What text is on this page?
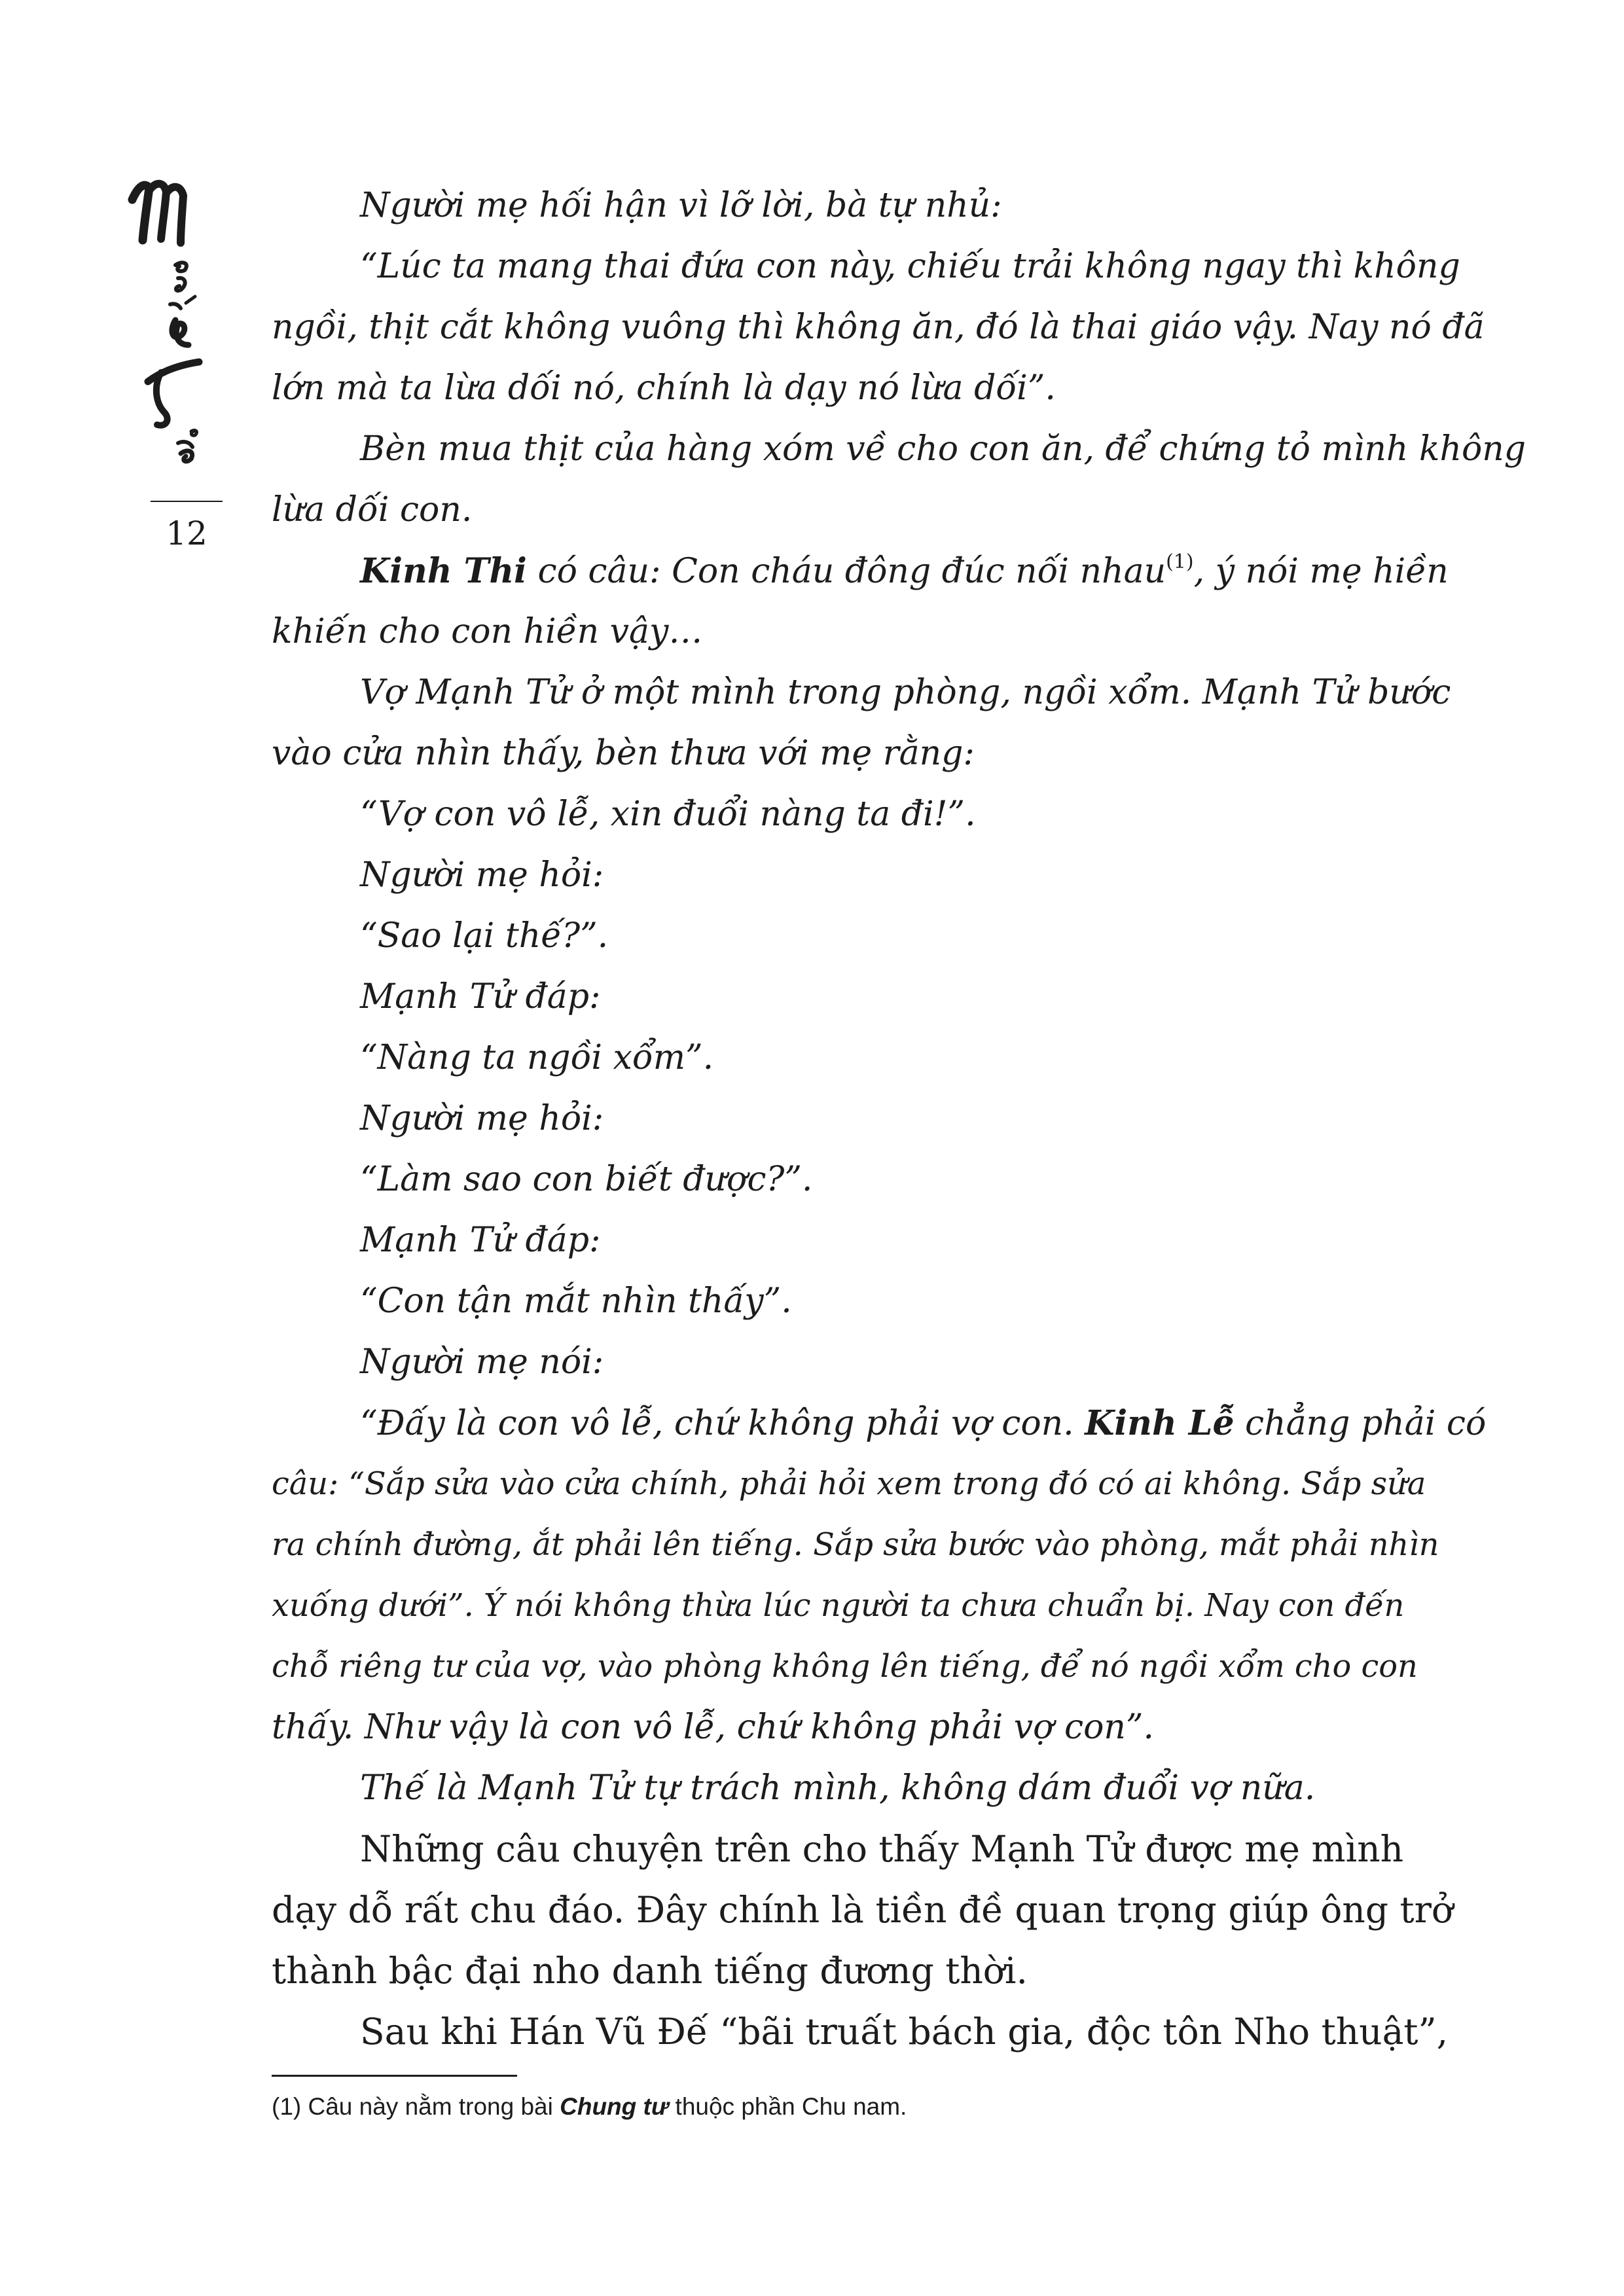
12
Người mẹ hối hận vì lỡ lời, bà tự nhủ:
“Lúc ta mang thai đứa con này, chiếu trải không ngay thì không
ngồi, thịt cắt không vuông thì không ăn, đó là thai giáo vậy. Nay nó đã
lớn mà ta lừa dối nó, chính là dạy nó lừa dối”.
Bèn mua thịt của hàng xóm về cho con ăn, để chứng tỏ mình không
lừa dối con.
Kinh Thi có câu: Con cháu đông đúc nối nhau$^{(1)}$, ý nói mẹ hiền
khiến cho con hiền vậy…
Vợ Mạnh Tử ở một mình trong phòng, ngồi xổm. Mạnh Tử bước
vào cửa nhìn thấy, bèn thưa với mẹ rằng:
“Vợ con vô lễ, xin đuổi nàng ta đi!”.
Người mẹ hỏi:
“Sao lại thế?”.
Mạnh Tử đáp:
“Nàng ta ngồi xổm”.
Người mẹ hỏi:
“Làm sao con biết được?”.
Mạnh Tử đáp:
“Con tận mắt nhìn thấy”.
Người mẹ nói:
“Đấy là con vô lễ, chứ không phải vợ con. Kinh Lễ chẳng phải có
câu: “Sắp sửa vào cửa chính, phải hỏi xem trong đó có ai không. Sắp sửa
ra chính đường, ắt phải lên tiếng. Sắp sửa bước vào phòng, mắt phải nhìn
xuống dưới”. Ý nói không thừa lúc người ta chưa chuẩn bị. Nay con đến
chỗ riêng tư của vợ, vào phòng không lên tiếng, để nó ngồi xổm cho con
thấy. Như vậy là con vô lễ, chứ không phải vợ con”.
Thế là Mạnh Tử tự trách mình, không dám đuổi vợ nữa.
Những câu chuyện trên cho thấy Mạnh Tử được mẹ mình
dạy dỗ rất chu đáo. Đây chính là tiền đề quan trọng giúp ông trở
thành bậc đại nho danh tiếng đương thời.
Sau khi Hán Vũ Đế “bãi truất bách gia, độc tôn Nho thuật”,
(1) Câu này nằm trong bài Chung tư thuộc phần Chu nam.
